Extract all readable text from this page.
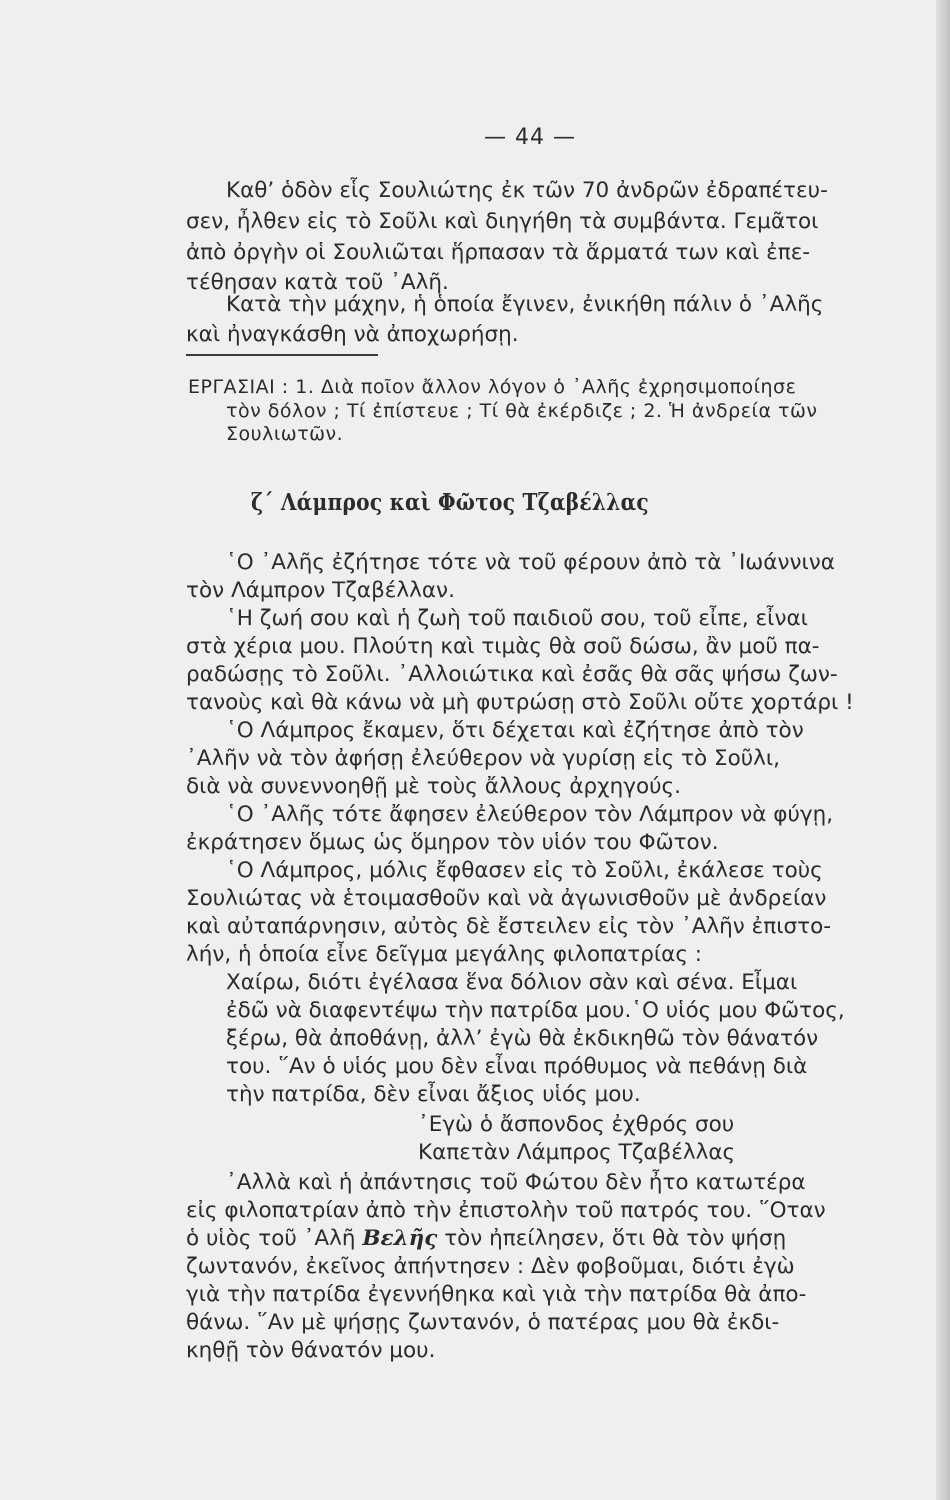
— 44 —
Καθ’ ὁδὸν εἷς Σουλιώτης ἐκ τῶν 70 ἀνδρῶν ἐδραπέτευ-
σεν, ἦλθεν εἰς τὸ Σοῦλι καὶ διηγήθη τὰ συμβάντα. Γεμᾶτοι
ἀπὸ ὀργὴν οἱ Σουλιῶται ἥρπασαν τὰ ἅρματά των καὶ ἐπε-
τέθησαν κατὰ τοῦ ᾽Αλῆ.
Κατὰ τὴν μάχην, ἡ ὁποία ἔγινεν, ἐνικήθη πάλιν ὁ ᾽Αλῆς
καὶ ἠναγκάσθη νὰ ἀποχωρήσῃ.
ΕΡΓΑΣΙΑΙ : 1. Διὰ ποῖον ἄλλον λόγον ὁ ᾽Αλῆς ἐχρησιμοποίησε
τὸν δόλον ; Τί ἐπίστευε ; Τί θὰ ἐκέρδιζε ; 2. Ἡ ἀνδρεία τῶν
Σουλιωτῶν.
ζ΄ Λάμπρος καὶ Φῶτος Τζαβέλλας
῾Ο ᾽Αλῆς ἐζήτησε τότε νὰ τοῦ φέρουν ἀπὸ τὰ ᾽Ιωάννινα
τὸν Λάμπρον Τζαβέλλαν.
῾Η ζωή σου καὶ ἡ ζωὴ τοῦ παιδιοῦ σου, τοῦ εἶπε, εἶναι
στὰ χέρια μου. Πλούτη καὶ τιμὰς θὰ σοῦ δώσω, ἂν μοῦ πα-
ραδώσῃς τὸ Σοῦλι. ᾽Αλλοιώτικα καὶ ἐσᾶς θὰ σᾶς ψήσω ζων-
τανοὺς καὶ θὰ κάνω νὰ μὴ φυτρώσῃ στὸ Σοῦλι οὔτε χορτάρι !
῾Ο Λάμπρος ἔκαμεν, ὅτι δέχεται καὶ ἐζήτησε ἀπὸ τὸν
᾽Αλῆν νὰ τὸν ἀφήσῃ ἐλεύθερον νὰ γυρίσῃ εἰς τὸ Σοῦλι,
διὰ νὰ συνεννοηθῇ μὲ τοὺς ἄλλους ἀρχηγούς.
῾Ο ᾽Αλῆς τότε ἄφησεν ἐλεύθερον τὸν Λάμπρον νὰ φύγῃ,
ἐκράτησεν ὅμως ὡς ὅμηρον τὸν υἱόν του Φῶτον.
῾Ο Λάμπρος, μόλις ἔφθασεν εἰς τὸ Σοῦλι, ἐκάλεσε τοὺς
Σουλιώτας νὰ ἑτοιμασθοῦν καὶ νὰ ἀγωνισθοῦν μὲ ἀνδρείαν
καὶ αὐταπάρνησιν, αὐτὸς δὲ ἔστειλεν εἰς τὸν ᾽Αλῆν ἐπιστο-
λήν, ἡ ὁποία εἶνε δεῖγμα μεγάλης φιλοπατρίας :
Χαίρω, διότι ἐγέλασα ἕνα δόλιον σὰν καὶ σένα. Εἶμαι
ἐδῶ νὰ διαφεντέψω τὴν πατρίδα μου.῾Ο υἱός μου Φῶτος,
ξέρω, θὰ ἀποθάνῃ, ἀλλ’ ἐγὼ θὰ ἐκδικηθῶ τὸν θάνατόν
του. ῞Αν ὁ υἱός μου δὲν εἶναι πρόθυμος νὰ πεθάνῃ διὰ
τὴν πατρίδα, δὲν εἶναι ἄξιος υἱός μου.
᾽Εγὼ ὁ ἄσπονδος ἐχθρός σου
Καπετὰν Λάμπρος Τζαβέλλας
᾽Αλλὰ καὶ ἡ ἀπάντησις τοῦ Φώτου δὲν ἦτο κατωτέρα
εἰς φιλοπατρίαν ἀπὸ τὴν ἐπιστολὴν τοῦ πατρός του. ῞Οταν
ὁ υἱὸς τοῦ ᾽Αλῆ Βελῆς τὸν ἠπείλησεν, ὅτι θὰ τὸν ψήσῃ
ζωντανόν, ἐκεῖνος ἀπήντησεν : Δὲν φοβοῦμαι, διότι ἐγὼ
γιὰ τὴν πατρίδα ἐγεννήθηκα καὶ γιὰ τὴν πατρίδα θὰ ἀπο-
θάνω. ῞Αν μὲ ψήσῃς ζωντανόν, ὁ πατέρας μου θὰ ἐκδι-
κηθῇ τὸν θάνατόν μου.
